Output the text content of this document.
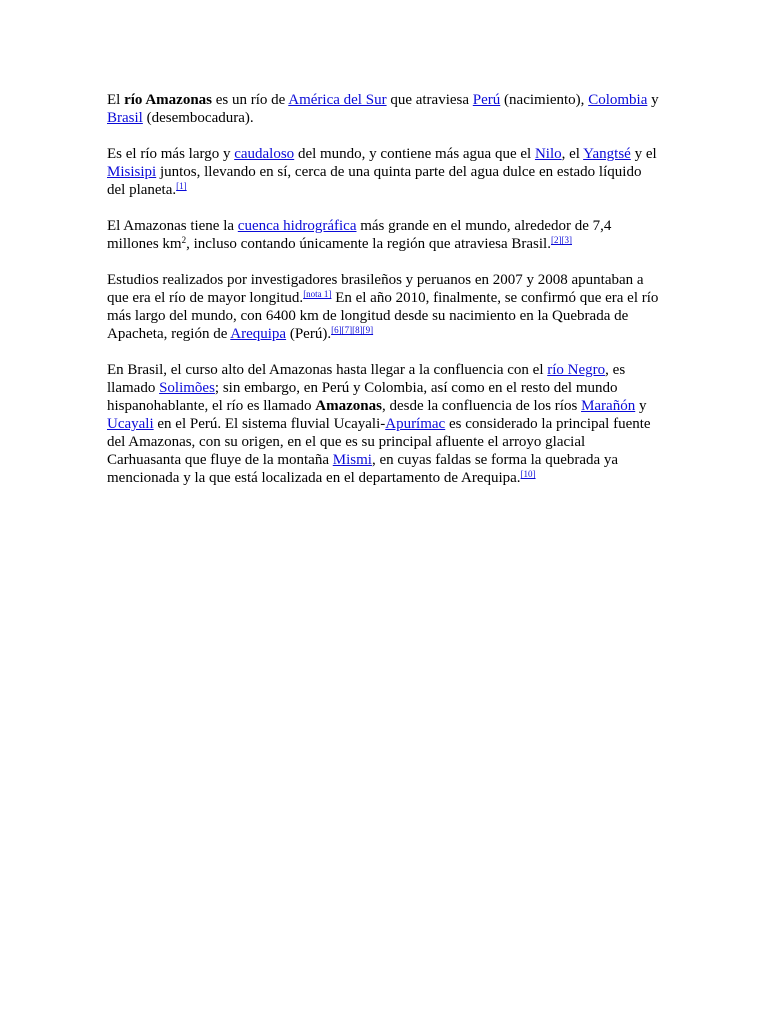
El río Amazonas es un río de América del Sur que atraviesa Perú (nacimiento), Colombia y Brasil (desembocadura).

Es el río más largo y caudaloso del mundo, y contiene más agua que el Nilo, el Yangtsé y el Misisipi juntos, llevando en sí, cerca de una quinta parte del agua dulce en estado líquido del planeta.[1]

El Amazonas tiene la cuenca hidrográfica más grande en el mundo, alrededor de 7,4 millones $km^2$, incluso contando únicamente la región que atraviesa Brasil.[2][3]

Estudios realizados por investigadores brasileños y peruanos en 2007 y 2008 apuntaban a que era el río de mayor longitud.[nota 1] En el año 2010, finalmente, se confirmó que era el río más largo del mundo, con 6400 km de longitud desde su nacimiento en la Quebrada de Apacheta, región de Arequipa (Perú).[6][7][8][9]

En Brasil, el curso alto del Amazonas hasta llegar a la confluencia con el río Negro, es llamado Solimões; sin embargo, en Perú y Colombia, así como en el resto del mundo hispanohablante, el río es llamado Amazonas, desde la confluencia de los ríos Marañón y Ucayali en el Perú. El sistema fluvial Ucayali-Apurímac es considerado la principal fuente del Amazonas, con su origen, en el que es su principal afluente el arroyo glacial Carhuasanta que fluye de la montaña Mismi, en cuyas faldas se forma la quebrada ya mencionada y la que está localizada en el departamento de Arequipa.[10]
